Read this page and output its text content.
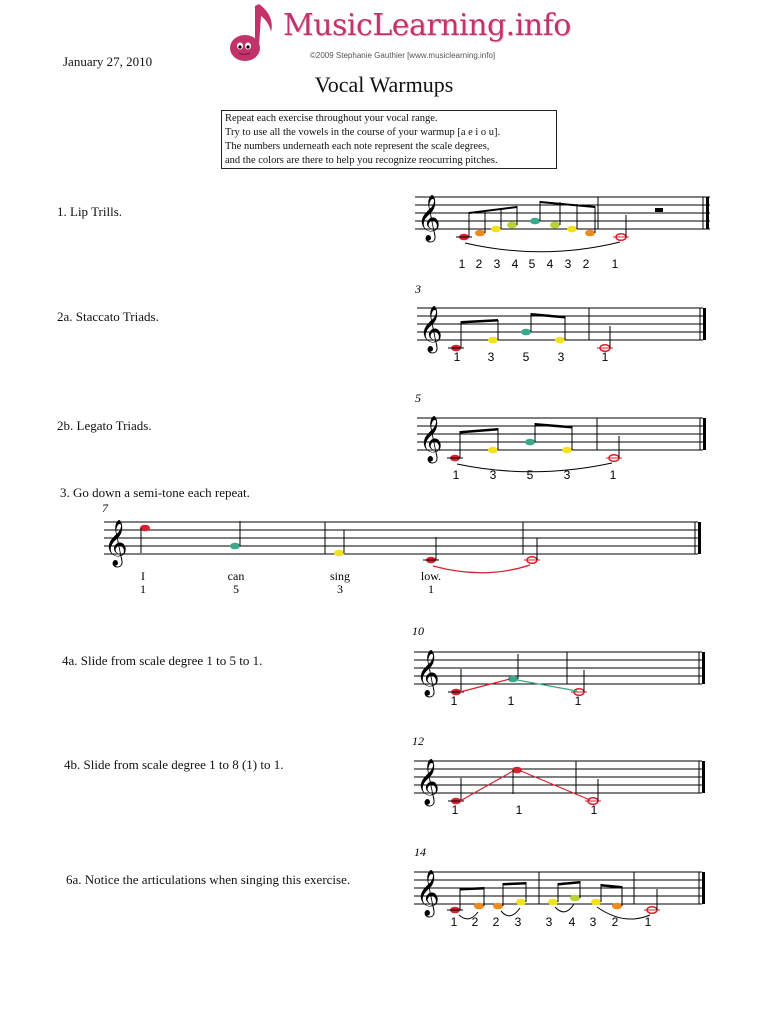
January 27, 2010
MusicLearning.info
©2009 Stephanie Gauthier [www.musiclearning.info]
Vocal Warmups
Repeat each exercise throughout your vocal range.
Try to use all the vowels in the course of your warmup [a e i o u].
The numbers underneath each note represent the scale degrees,
and the colors are there to help you recognize reocurring pitches.
1. Lip Trills.
2a. Staccato Triads.
2b. Legato Triads.
3. Go down a semi-tone each repeat.
4a. Slide from scale degree 1 to 5 to 1.
4b. Slide from scale degree 1 to 8 (1) to 1.
6a. Notice the articulations when singing this exercise.
𝄞
1 2 3 4 5 4 3 2 1
3
𝄞
1 3 5 3	1
5
𝄞
1	3	5	3	1
7
𝄞
I	can	sing	low.
1	5	3	1
10
𝄞
1	1	1
12
𝄞
1	1	1
14
𝄞
1 2 2 3 3 4 3 2 1
